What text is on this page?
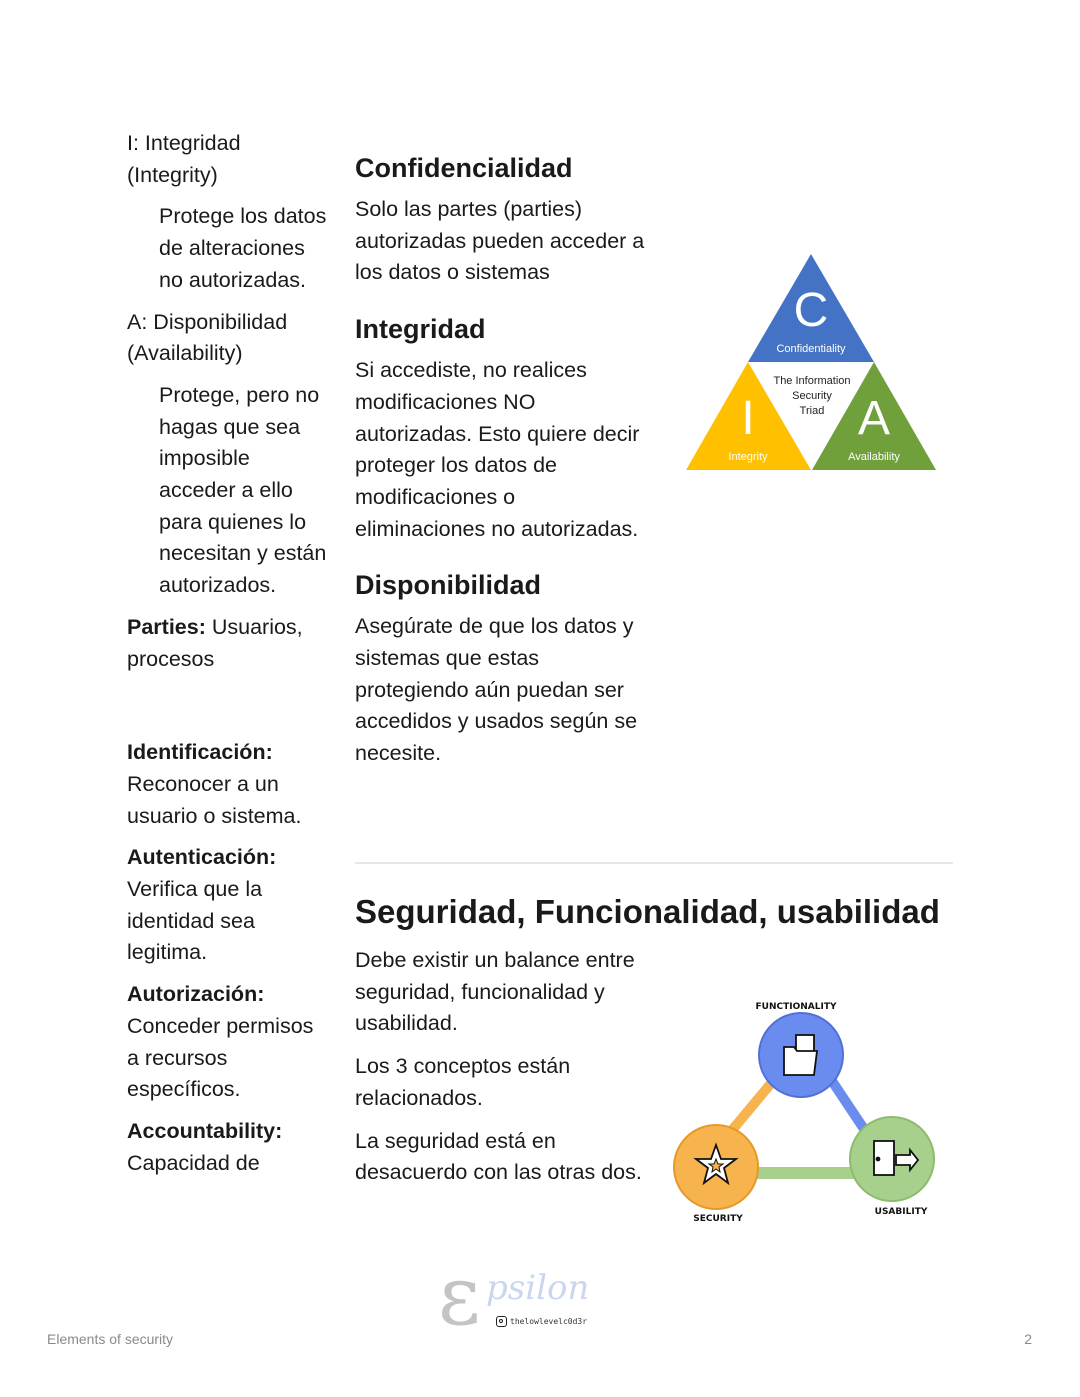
I: Integridad (Integrity)

Protege los datos de alteraciones no autorizadas.

A: Disponibilidad (Availability)

Protege, pero no hagas que sea imposible acceder a ello para quienes lo necesitan y están autorizados.

Parties: Usuarios, procesos

Identificación: Reconocer a un usuario o sistema.

Autenticación: Verifica que la identidad sea legitima.

Autorización: Conceder permisos a recursos específicos.

Accountability: Capacidad de

Confidencialidad

Solo las partes (parties) autorizadas pueden acceder a los datos o sistemas

Integridad

Si accediste, no realices modificaciones NO autorizadas. Esto quiere decir proteger los datos de modificaciones o eliminaciones no autorizadas.

Disponibilidad

Asegúrate de que los datos y sistemas que estas protegiendo aún puedan ser accedidos y usados según se necesite.

C
Confidentiality
I
Integrity
A
Availability
The Information
Security
Triad
Seguridad, Funcionalidad, usabilidad

Debe existir un balance entre seguridad, funcionalidad y usabilidad.

Los 3 conceptos están relacionados.

La seguridad está en desacuerdo con las otras dos.

FUNCTIONALITY
SECURITY
USABILITY
ε psilon
thelowlevelc0d3r
Elements of security	2
